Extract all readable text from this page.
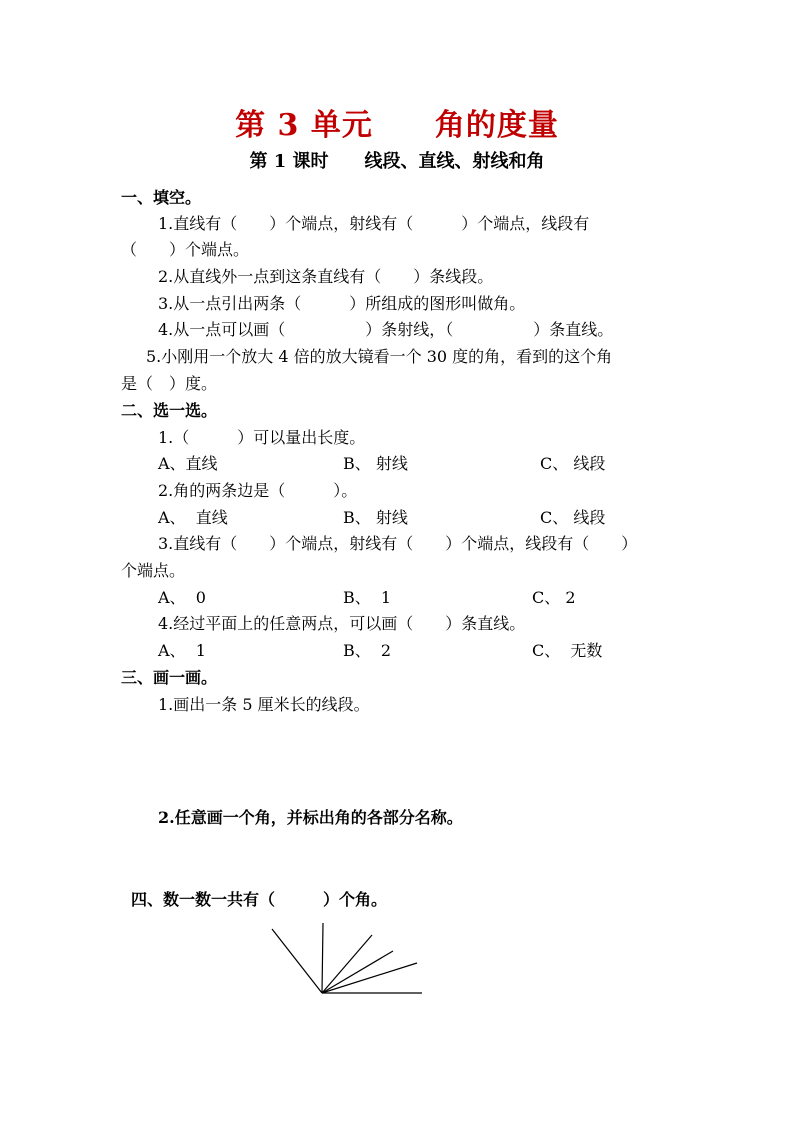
第 3 单元　　角的度量
第 1 课时　　线段、直线、射线和角
一、填空。
1.直线有（　　）个端点，射线有（　　　）个端点，线段有
（　　）个端点。
2.从直线外一点到这条直线有（　　）条线段。
3.从一点引出两条（　　　）所组成的图形叫做角。
4.从一点可以画（　　　　　）条射线，（　　　　　）条直线。
5.小刚用一个放大 4 倍的放大镜看一个 30 度的角，看到的这个角
是（　）度。
二、选一选。
1.（　　　）可以量出长度。
A、直线	B、 射线	C、 线段
2.角的两条边是（　　　）。
A、  直线	B、 射线	C、 线段
3.直线有（　　）个端点，射线有（　　）个端点，线段有（　　）
个端点。
A、  0	B、  1	C、 2
4.经过平面上的任意两点，可以画（　　）条直线。
A、  1	B、  2	C、  无数
三、画一画。
1.画出一条 5 厘米长的线段。
2.任意画一个角，并标出角的各部分名称。
四、数一数一共有（　　　）个角。
